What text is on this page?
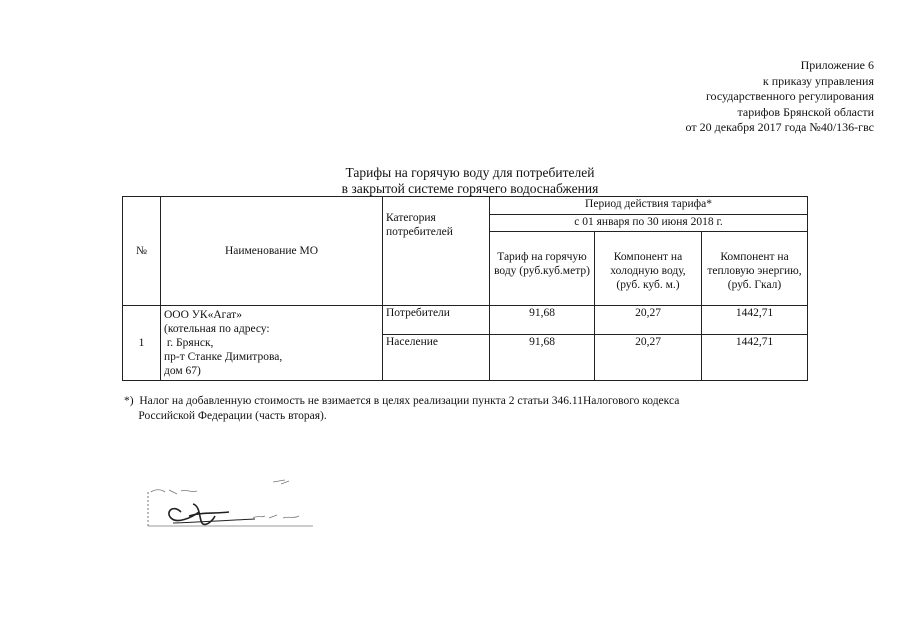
Приложение 6
к приказу управления
государственного регулирования
тарифов Брянской области
от 20 декабря 2017 года №40/136-гвс
Тарифы на горячую воду для потребителей
в закрытой системе горячего водоснабжения
№	Наименование МО	Категория потребителей	Период действия тарифа*		
			с 01 января по 30 июня 2018 г.		
			Тариф на горячую воду (руб.куб.метр)	Компонент на холодную воду, (руб. куб. м.)	Компонент на тепловую энергию, (руб. Гкал)
1	ООО УК«Агат»
(котельная по адресу:
г. Брянск,
пр-т Станке Димитрова,
дом 67)	Потребители	91,68	20,27	1442,71
		Население	91,68	20,27	1442,71
*)  Налог на добавленную стоимость не взимается в целях реализации пункта 2 статьи 346.11Налогового кодекса
Российской Федерации (часть вторая).
